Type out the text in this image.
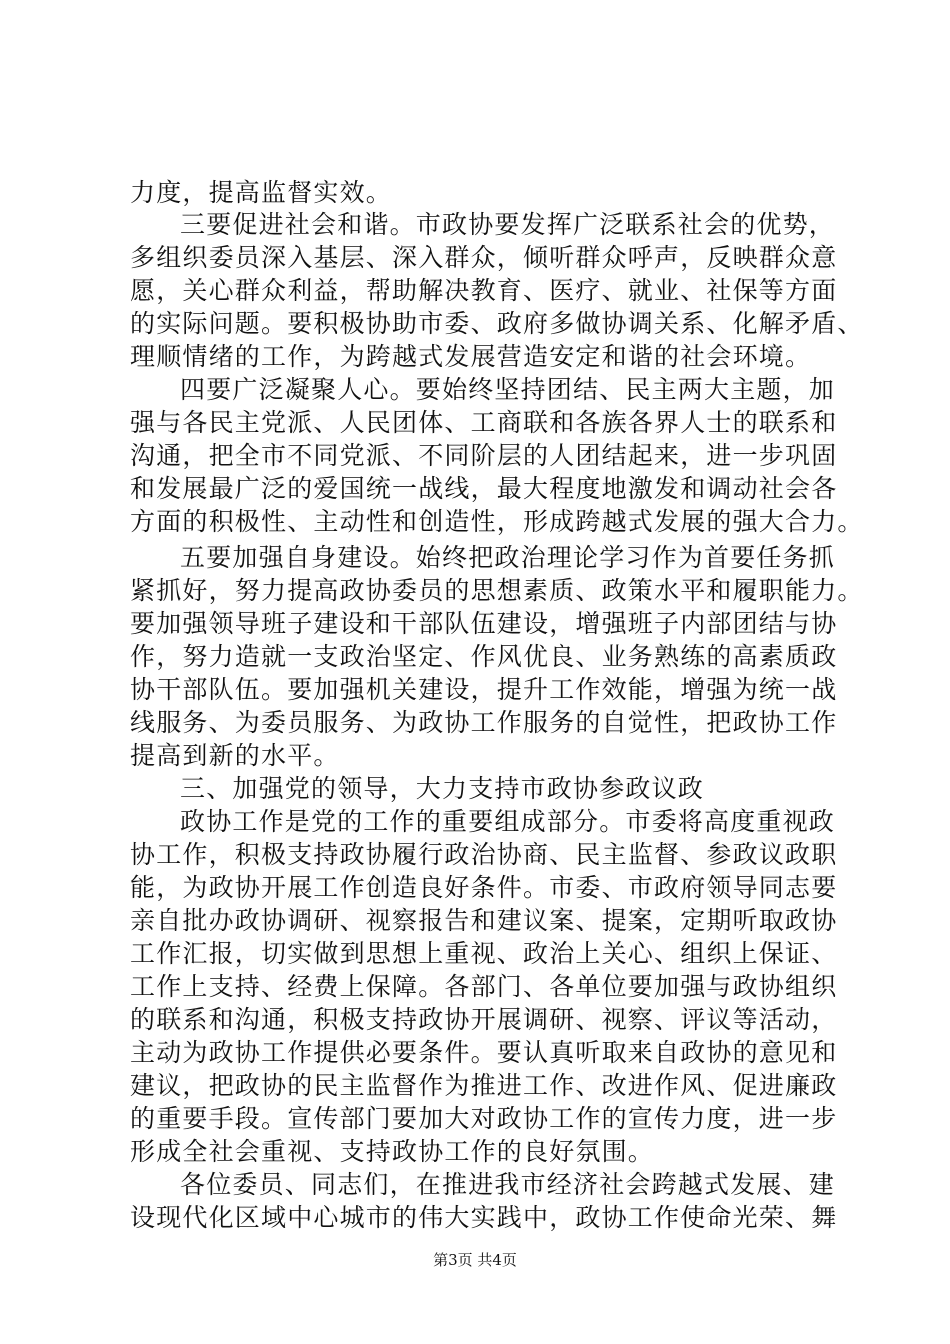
力度，提高监督实效。
三要促进社会和谐。市政协要发挥广泛联系社会的优势，
多组织委员深入基层、深入群众，倾听群众呼声，反映群众意
愿，关心群众利益，帮助解决教育、医疗、就业、社保等方面
的实际问题。要积极协助市委、政府多做协调关系、化解矛盾、
理顺情绪的工作，为跨越式发展营造安定和谐的社会环境。
四要广泛凝聚人心。要始终坚持团结、民主两大主题，加
强与各民主党派、人民团体、工商联和各族各界人士的联系和
沟通，把全市不同党派、不同阶层的人团结起来，进一步巩固
和发展最广泛的爱国统一战线，最大程度地激发和调动社会各
方面的积极性、主动性和创造性，形成跨越式发展的强大合力。
五要加强自身建设。始终把政治理论学习作为首要任务抓
紧抓好，努力提高政协委员的思想素质、政策水平和履职能力。
要加强领导班子建设和干部队伍建设，增强班子内部团结与协
作，努力造就一支政治坚定、作风优良、业务熟练的高素质政
协干部队伍。要加强机关建设，提升工作效能，增强为统一战
线服务、为委员服务、为政协工作服务的自觉性，把政协工作
提高到新的水平。
三、加强党的领导，大力支持市政协参政议政
政协工作是党的工作的重要组成部分。市委将高度重视政
协工作，积极支持政协履行政治协商、民主监督、参政议政职
能，为政协开展工作创造良好条件。市委、市政府领导同志要
亲自批办政协调研、视察报告和建议案、提案，定期听取政协
工作汇报，切实做到思想上重视、政治上关心、组织上保证、
工作上支持、经费上保障。各部门、各单位要加强与政协组织
的联系和沟通，积极支持政协开展调研、视察、评议等活动，
主动为政协工作提供必要条件。要认真听取来自政协的意见和
建议，把政协的民主监督作为推进工作、改进作风、促进廉政
的重要手段。宣传部门要加大对政协工作的宣传力度，进一步
形成全社会重视、支持政协工作的良好氛围。
各位委员、同志们，在推进我市经济社会跨越式发展、建
设现代化区域中心城市的伟大实践中，政协工作使命光荣、舞
第3页 共4页
